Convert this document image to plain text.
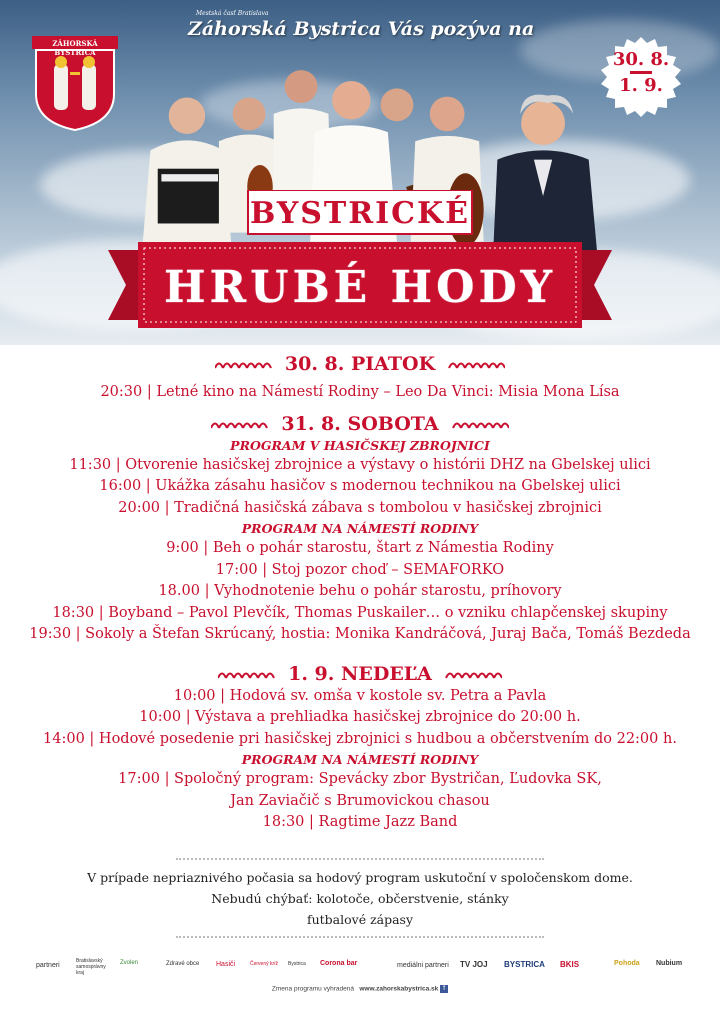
Mestská časť Bratislava
Záhorská Bystrica Vás pozýva na
ZÁHORSKÁ BYSTRICA	30. 8.
1. 9.
BYSTRICKÉ
HRUBÉ HODY
30. 8. PIATOK
20:30 | Letné kino na Námestí Rodiny – Leo Da Vinci: Misia Mona Lísa
31. 8. SOBOTA
PROGRAM V HASIČSKEJ ZBROJNICI
11:30 | Otvorenie hasičskej zbrojnice a výstavy o histórii DHZ na Gbelskej ulici
16:00 | Ukážka zásahu hasičov s modernou technikou na Gbelskej ulici
20:00 | Tradičná hasičská zábava s tombolou v hasičskej zbrojnici
PROGRAM NA NÁMESTÍ RODINY
9:00 | Beh o pohár starostu, štart z Námestia Rodiny
17:00 | Stoj pozor choď – SEMAFORKO
18.00 | Vyhodnotenie behu o pohár starostu, príhovory
18:30 | Boyband – Pavol Plevčík, Thomas Puskailer… o vzniku chlapčenskej skupiny
19:30 | Sokoly a Štefan Skrúcaný, hostia: Monika Kandráčová, Juraj Bača, Tomáš Bezdeda
1. 9. NEDEĽA
10:00 | Hodová sv. omša v kostole sv. Petra a Pavla
10:00 | Výstava a prehliadka hasičskej zbrojnice do 20:00 h.
14:00 | Hodové posedenie pri hasičskej zbrojnici s hudbou a občerstvením do 22:00 h.
PROGRAM NA NÁMESTÍ RODINY
17:00 | Spoločný program: Spevácky zbor Bystričan, Ľudovka SK,
Jan Zaviačič s Brumovickou chasou
18:30 | Ragtime Jazz Band
V prípade nepriaznivého počasia sa hodový program uskutoční v spoločenskom dome.
Nebudú chýbať: kolotoče, občerstvenie, stánky
futbalové zápasy
partneri
Bratislavský samosprávny kraj
Zvolen	Zdravé obce Hasiči	Červený kríž Bystrica Corona bar	mediálni partneri TV JOJ BYSTRICA BKIS	Pohoda Nubium
Zmena programu vyhradená www.zahorskabystrica.sk f
